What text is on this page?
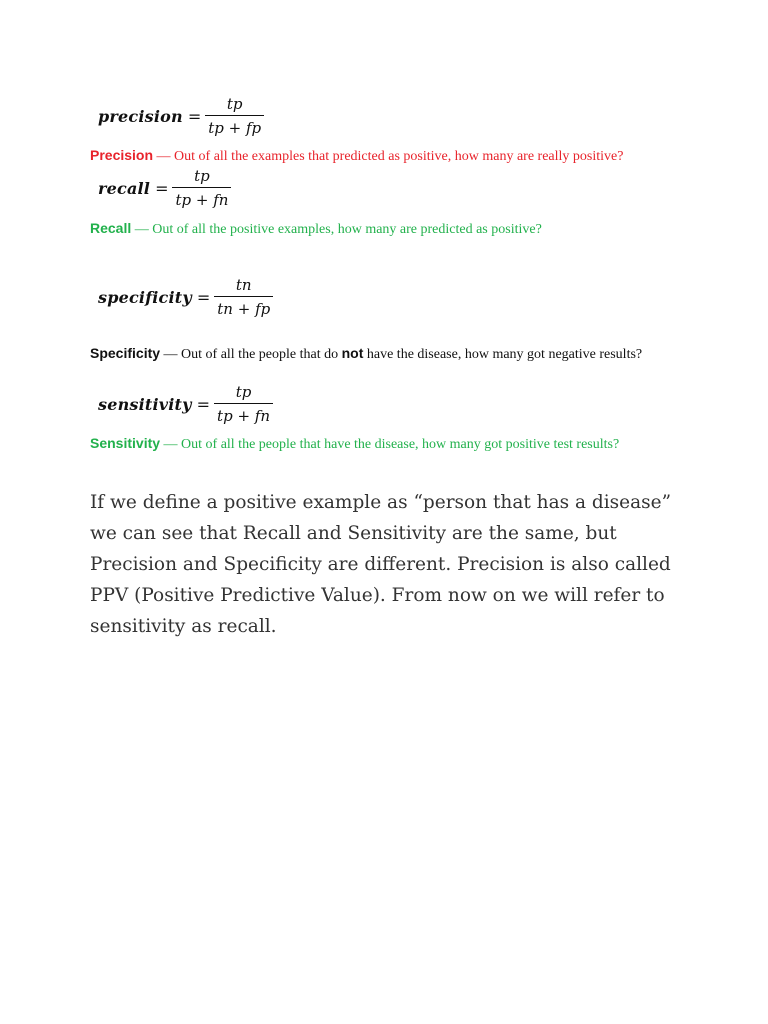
precision = $\frac{tp}{tp + fp}$
Precision — Out of all the examples that predicted as positive, how many are really positive?
recall = $\frac{tp}{tp + fn}$
Recall — Out of all the positive examples, how many are predicted as positive?
specificity = $\frac{tn}{tn + fp}$
Specificity — Out of all the people that do not have the disease, how many got negative results?
sensitivity = $\frac{tp}{tp + fn}$
Sensitivity — Out of all the people that have the disease, how many got positive test results?

If we define a positive example as “person that has a disease” we can see that Recall and Sensitivity are the same, but Precision and Specificity are different. Precision is also called PPV (Positive Predictive Value). From now on we will refer to sensitivity as recall.
